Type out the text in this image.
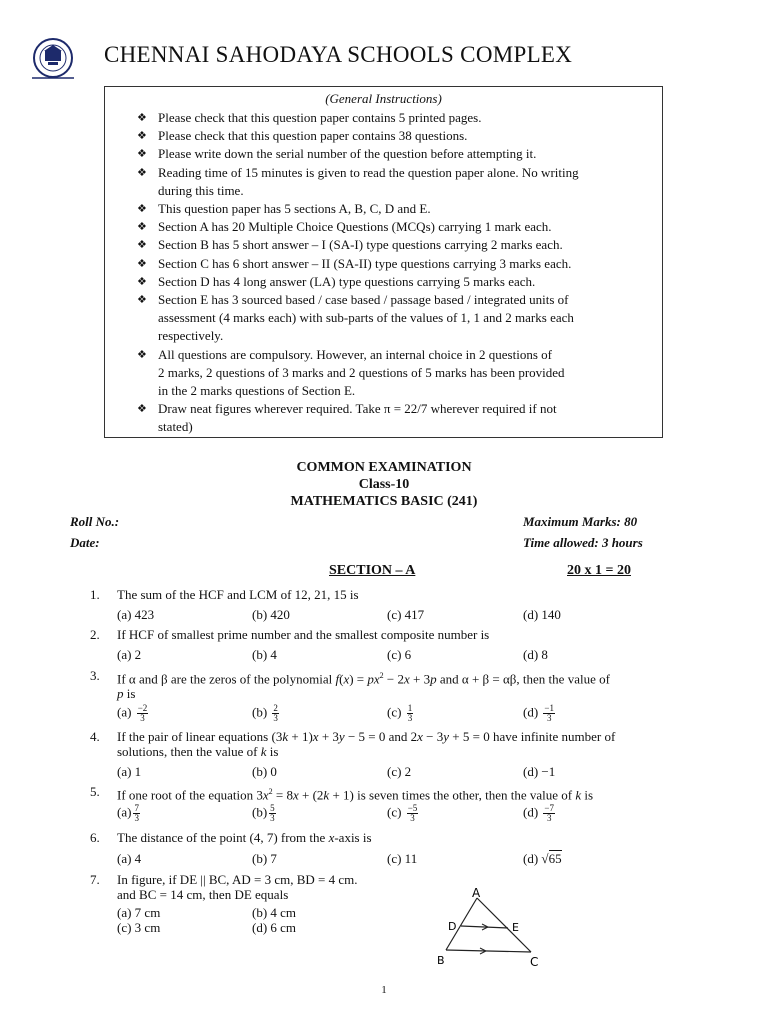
CHENNAI SAHODAYA SCHOOLS COMPLEX
(General Instructions)
❖ Please check that this question paper contains 5 printed pages.
❖ Please check that this question paper contains 38 questions.
❖ Please write down the serial number of the question before attempting it.
❖ Reading time of 15 minutes is given to read the question paper alone. No writing
during this time.
❖ This question paper has 5 sections A, B, C, D and E.
❖ Section A has 20 Multiple Choice Questions (MCQs) carrying 1 mark each.
❖ Section B has 5 short answer – I (SA-I) type questions carrying 2 marks each.
❖ Section C has 6 short answer – II (SA-II) type questions carrying 3 marks each.
❖ Section D has 4 long answer (LA) type questions carrying 5 marks each.
❖ Section E has 3 sourced based / case based / passage based / integrated units of
assessment (4 marks each) with sub-parts of the values of 1, 1 and 2 marks each
respectively.
❖ All questions are compulsory. However, an internal choice in 2 questions of
2 marks, 2 questions of 3 marks and 2 questions of 5 marks has been provided
in the 2 marks questions of Section E.
❖ Draw neat figures wherever required. Take π = 22/7 wherever required if not
stated)
COMMON EXAMINATION
Class-10
MATHEMATICS BASIC (241)
Roll No.:	Maximum Marks: 80
Date:	Time allowed: 3 hours
SECTION – A	20 x 1 = 20
1.	The sum of the HCF and LCM of 12, 21, 15 is
(a) 423	(b) 420	(c) 417	(d) 140
2.	If HCF of smallest prime number and the smallest composite number is
(a) 2	(b) 4	(c) 6	(d) 8
3.	If α and β are the zeros of the polynomial $f(x) = px^2 - 2x + 3p$ and α + β = αβ, then the value of
p is
$(a) \frac{-2}{3}$	$(b) \frac{2}{3}$	$(c) \frac{1}{3}$	$(d) \frac{-1}{3}$
4.	If the pair of linear equations (3k + 1)x + 3y − 5 = 0 and 2x − 3y + 5 = 0 have infinite number of
solutions, then the value of k is
(a) 1	(b) 0	(c) 2	(d) −1
5.	If one root of the equation $3x^2 = 8x + (2k + 1)$ is seven times the other, then the value of k is
$(a) \frac{7}{3}$	$(b) \frac{5}{3}$	$(c) \frac{-5}{3}$	$(d) \frac{-7}{3}$
6.	The distance of the point (4, 7) from the x-axis is
(a) 4	(b) 7	(c) 11	(d) √65
7.	In figure, if DE || BC, AD = 3 cm, BD = 4 cm.
and BC = 14 cm, then DE equals
(a) 7 cm	(b) 4 cm
(c) 3 cm	(d) 6 cm
A
D	E
B	C
1
